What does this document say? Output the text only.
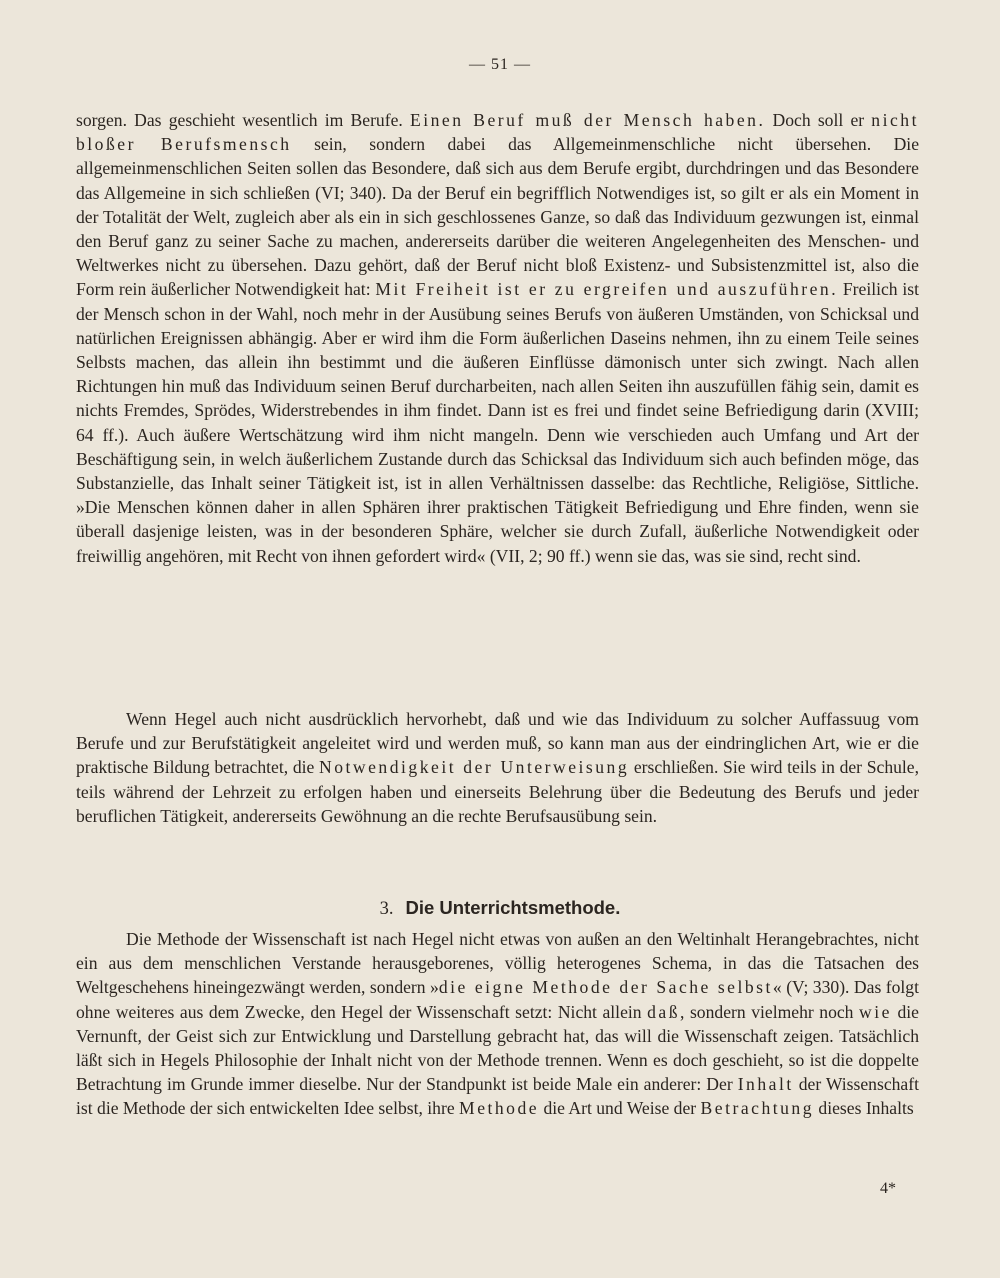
— 51 —

sorgen. Das geschieht wesentlich im Berufe. Einen Beruf muß der Mensch haben. Doch soll er nicht bloßer Berufsmensch sein, sondern dabei das Allgemeinmenschliche nicht übersehen. Die allgemeinmenschlichen Seiten sollen das Besondere, daß sich aus dem Berufe ergibt, durchdringen und das Besondere das Allgemeine in sich schließen (VI; 340). Da der Beruf ein begrifflich Notwendiges ist, so gilt er als ein Moment in der Totalität der Welt, zugleich aber als ein in sich geschlossenes Ganze, so daß das Individuum gezwungen ist, einmal den Beruf ganz zu seiner Sache zu machen, andererseits darüber die weiteren Angelegenheiten des Menschen- und Weltwerkes nicht zu übersehen. Dazu gehört, daß der Beruf nicht bloß Existenz- und Subsistenzmittel ist, also die Form rein äußerlicher Notwendigkeit hat: Mit Freiheit ist er zu ergreifen und auszuführen. Freilich ist der Mensch schon in der Wahl, noch mehr in der Ausübung seines Berufs von äußeren Umständen, von Schicksal und natürlichen Ereignissen abhängig. Aber er wird ihm die Form äußerlichen Daseins nehmen, ihn zu einem Teile seines Selbsts machen, das allein ihn bestimmt und die äußeren Einflüsse dämonisch unter sich zwingt. Nach allen Richtungen hin muß das Individuum seinen Beruf durcharbeiten, nach allen Seiten ihn auszufüllen fähig sein, damit es nichts Fremdes, Sprödes, Widerstrebendes in ihm findet. Dann ist es frei und findet seine Befriedigung darin (XVIII; 64 ff.). Auch äußere Wertschätzung wird ihm nicht mangeln. Denn wie verschieden auch Umfang und Art der Beschäftigung sein, in welch äußerlichem Zustande durch das Schicksal das Individuum sich auch befinden möge, das Substanzielle, das Inhalt seiner Tätigkeit ist, ist in allen Verhältnissen dasselbe: das Rechtliche, Religiöse, Sittliche. »Die Menschen können daher in allen Sphären ihrer praktischen Tätigkeit Befriedigung und Ehre finden, wenn sie überall dasjenige leisten, was in der besonderen Sphäre, welcher sie durch Zufall, äußerliche Notwendigkeit oder freiwillig angehören, mit Recht von ihnen gefordert wird« (VII, 2; 90 ff.) wenn sie das, was sie sind, recht sind.

Wenn Hegel auch nicht ausdrücklich hervorhebt, daß und wie das Individuum zu solcher Auffassuug vom Berufe und zur Berufstätigkeit angeleitet wird und werden muß, so kann man aus der eindringlichen Art, wie er die praktische Bildung betrachtet, die Notwendigkeit der Unterweisung erschließen. Sie wird teils in der Schule, teils während der Lehrzeit zu erfolgen haben und einerseits Belehrung über die Bedeutung des Berufs und jeder beruflichen Tätigkeit, andererseits Gewöhnung an die rechte Berufsausübung sein.

3. Die Unterrichtsmethode.

Die Methode der Wissenschaft ist nach Hegel nicht etwas von außen an den Weltinhalt Herangebrachtes, nicht ein aus dem menschlichen Verstande herausgeborenes, völlig heterogenes Schema, in das die Tatsachen des Weltgeschehens hineingezwängt werden, sondern »die eigne Methode der Sache selbst« (V; 330). Das folgt ohne weiteres aus dem Zwecke, den Hegel der Wissenschaft setzt: Nicht allein daß, sondern vielmehr noch wie die Vernunft, der Geist sich zur Entwicklung und Darstellung gebracht hat, das will die Wissenschaft zeigen. Tatsächlich läßt sich in Hegels Philosophie der Inhalt nicht von der Methode trennen. Wenn es doch geschieht, so ist die doppelte Betrachtung im Grunde immer dieselbe. Nur der Standpunkt ist beide Male ein anderer: Der Inhalt der Wissenschaft ist die Methode der sich entwickelten Idee selbst, ihre Methode die Art und Weise der Betrachtung dieses Inhalts

4*
